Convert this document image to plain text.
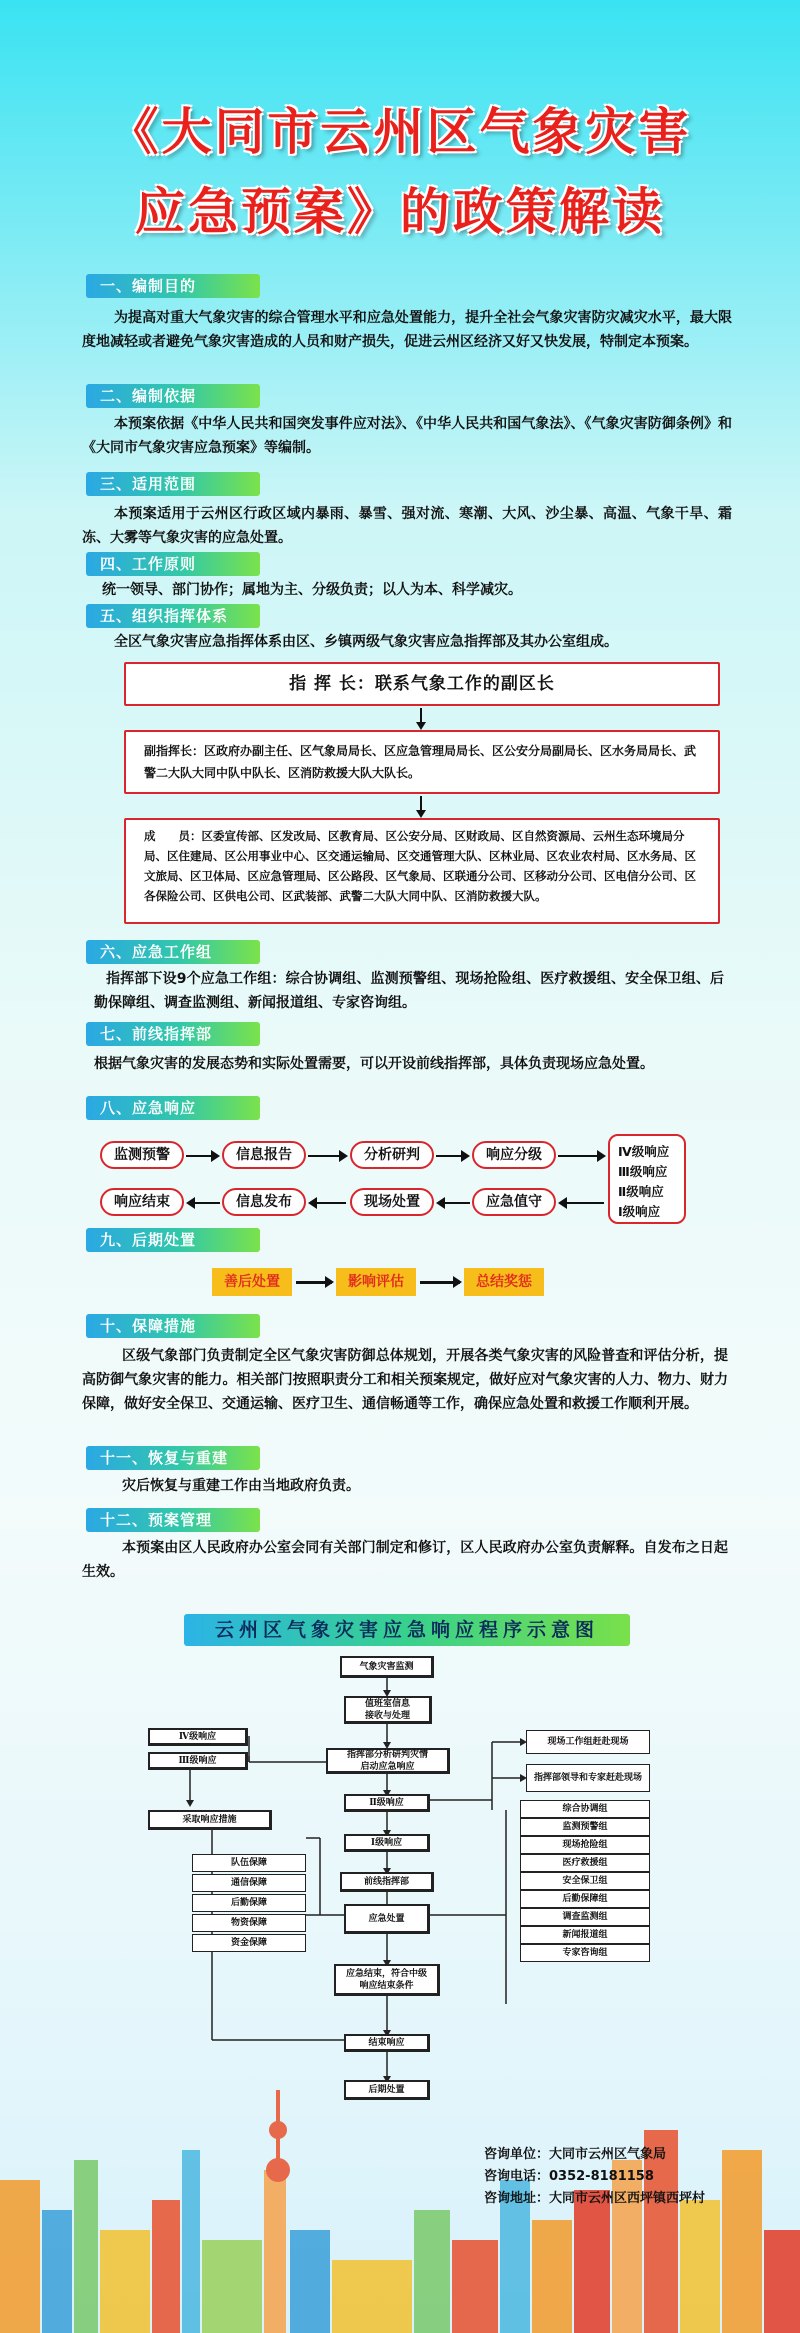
《大同市云州区气象灾害
应急预案》的政策解读
一、编制目的
为提高对重大气象灾害的综合管理水平和应急处置能力，提升全社会气象灾害防灾减灾水平，最大限度地减轻或者避免气象灾害造成的人员和财产损失，促进云州区经济又好又快发展，特制定本预案。
二、编制依据
本预案依据《中华人民共和国突发事件应对法》、《中华人民共和国气象法》、《气象灾害防御条例》和《大同市气象灾害应急预案》等编制。
三、适用范围
本预案适用于云州区行政区域内暴雨、暴雪、强对流、寒潮、大风、沙尘暴、高温、气象干旱、霜冻、大雾等气象灾害的应急处置。
四、工作原则
统一领导、部门协作；属地为主、分级负责；以人为本、科学减灾。
五、组织指挥体系
全区气象灾害应急指挥体系由区、乡镇两级气象灾害应急指挥部及其办公室组成。
指 挥 长：联系气象工作的副区长
副指挥长：区政府办副主任、区气象局局长、区应急管理局局长、区公安分局副局长、区水务局局长、武警二大队大同中队中队长、区消防救援大队大队长。
成　　员：区委宣传部、区发改局、区教育局、区公安分局、区财政局、区自然资源局、云州生态环境局分局、区住建局、区公用事业中心、区交通运输局、区交通管理大队、区林业局、区农业农村局、区水务局、区文旅局、区卫体局、区应急管理局、区公路段、区气象局、区联通分公司、区移动分公司、区电信分公司、区各保险公司、区供电公司、区武装部、武警二大队大同中队、区消防救援大队。
六、应急工作组
指挥部下设9个应急工作组：综合协调组、监测预警组、现场抢险组、医疗救援组、安全保卫组、后勤保障组、调查监测组、新闻报道组、专家咨询组。
七、前线指挥部
根据气象灾害的发展态势和实际处置需要，可以开设前线指挥部，具体负责现场应急处置。
八、应急响应
监测预警	信息报告	分析研判	响应分级	Ⅳ级响应
Ⅲ级响应
Ⅱ级响应
Ⅰ级响应
响应结束	信息发布	现场处置	应急值守
九、后期处置
善后处置	影响评估	总结奖惩
十、保障措施
区级气象部门负责制定全区气象灾害防御总体规划，开展各类气象灾害的风险普查和评估分析，提高防御气象灾害的能力。相关部门按照职责分工和相关预案规定，做好应对气象灾害的人力、物力、财力保障，做好安全保卫、交通运输、医疗卫生、通信畅通等工作，确保应急处置和救援工作顺利开展。
十一、恢复与重建
灾后恢复与重建工作由当地政府负责。
十二、预案管理
本预案由区人民政府办公室会同有关部门制定和修订，区人民政府办公室负责解释。自发布之日起生效。
云州区气象灾害应急响应程序示意图
气象灾害监测
值班室信息
接收与处理
指挥部分析研判灾情
启动应急响应
Ⅳ级响应
Ⅲ级响应
采取响应措施
队伍保障
通信保障
后勤保障
物资保障
资金保障
Ⅱ级响应
Ⅰ级响应
前线指挥部
应急处置
应急结束，符合中级
响应结束条件
结束响应
后期处置
现场工作组赶赴现场
指挥部领导和专家赶赴现场
综合协调组
监测预警组
现场抢险组
医疗救援组
安全保卫组
后勤保障组
调查监测组
新闻报道组
专家咨询组
咨询单位：大同市云州区气象局
咨询电话：0352-8181158
咨询地址：大同市云州区西坪镇西坪村
